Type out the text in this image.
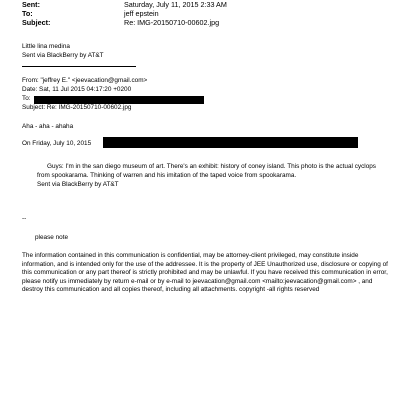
Sent:	Saturday, July 11, 2015 2:33 AM
To:	jeff epstein
Subject:	Re: IMG-20150710-00602.jpg
Little lina medina
Sent via BlackBerry by AT&T
From: "jeffrey E." <jeevacation@gmail.com>
Date: Sat, 11 Jul 2015 04:17:20 +0200
To:
Subject: Re: IMG-20150710-00602.jpg
Aha - aha - ahaha
On Friday, July 10, 2015
Guys: I'm in the san diego museum of art. There's an exhibit: history of coney island. This photo is the actual cyclops from spookarama. Thinking of warren and his imitation of the taped voice from spookarama.
Sent via BlackBerry by AT&T
--
please note
The information contained in this communication is confidential, may be attorney-client privileged, may constitute inside information, and is intended only for the use of the addressee. It is the property of JEE Unauthorized use, disclosure or copying of this communication or any part thereof is strictly prohibited and may be unlawful. If you have received this communication in error, please notify us immediately by return e-mail or by e-mail to jeevacation@gmail.com <mailto:jeevacation@gmail.com> , and destroy this communication and all copies thereof, including all attachments. copyright -all rights reserved
